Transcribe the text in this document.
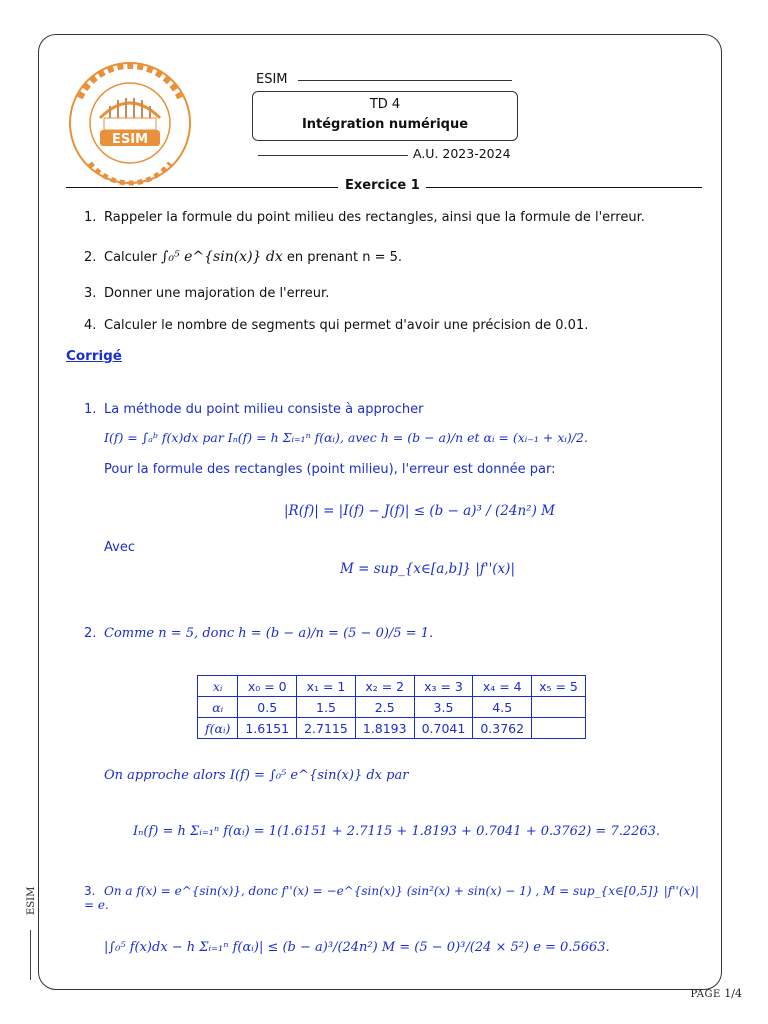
ESIM
ESIM
TD 4
Intégration numérique
A.U. 2023-2024
Exercice 1
1. Rappeler la formule du point milieu des rectangles, ainsi que la formule de l'erreur.
2. Calculer ∫₀⁵ e^{sin(x)} dx en prenant n = 5.
3. Donner une majoration de l'erreur.
4. Calculer le nombre de segments qui permet d'avoir une précision de 0.01.
Corrigé
1. La méthode du point milieu consiste à approcher
I(f) = ∫ₐᵇ f(x)dx par Iₙ(f) = h Σᵢ₌₁ⁿ f(αᵢ), avec h = (b − a)/n et αᵢ = (xᵢ₋₁ + xᵢ)/2.
Pour la formule des rectangles (point milieu), l'erreur est donnée par:
|R(f)| = |I(f) − J(f)| ≤ (b − a)³ / (24n²) M
Avec
M = sup_{x∈[a,b]} |f''(x)|
2. Comme n = 5, donc h = (b − a)/n = (5 − 0)/5 = 1.
xᵢ	x₀ = 0	x₁ = 1	x₂ = 2	x₃ = 3	x₄ = 4	x₅ = 5
αᵢ	0.5	1.5	2.5	3.5	4.5	
f(αᵢ)	1.6151	2.7115	1.8193	0.7041	0.3762	
On approche alors I(f) = ∫₀⁵ e^{sin(x)} dx par
Iₙ(f) = h Σᵢ₌₁ⁿ f(αᵢ) = 1(1.6151 + 2.7115 + 1.8193 + 0.7041 + 0.3762) = 7.2263.
3. On a f(x) = e^{sin(x)}, donc f''(x) = −e^{sin(x)} (sin²(x) + sin(x) − 1) , M = sup_{x∈[0,5]} |f''(x)| = e.
|∫₀⁵ f(x)dx − h Σᵢ₌₁ⁿ f(αᵢ)| ≤ (b − a)³/(24n²) M = (5 − 0)³/(24 × 5²) e = 0.5663.
ESIM
PAGE 1/4
